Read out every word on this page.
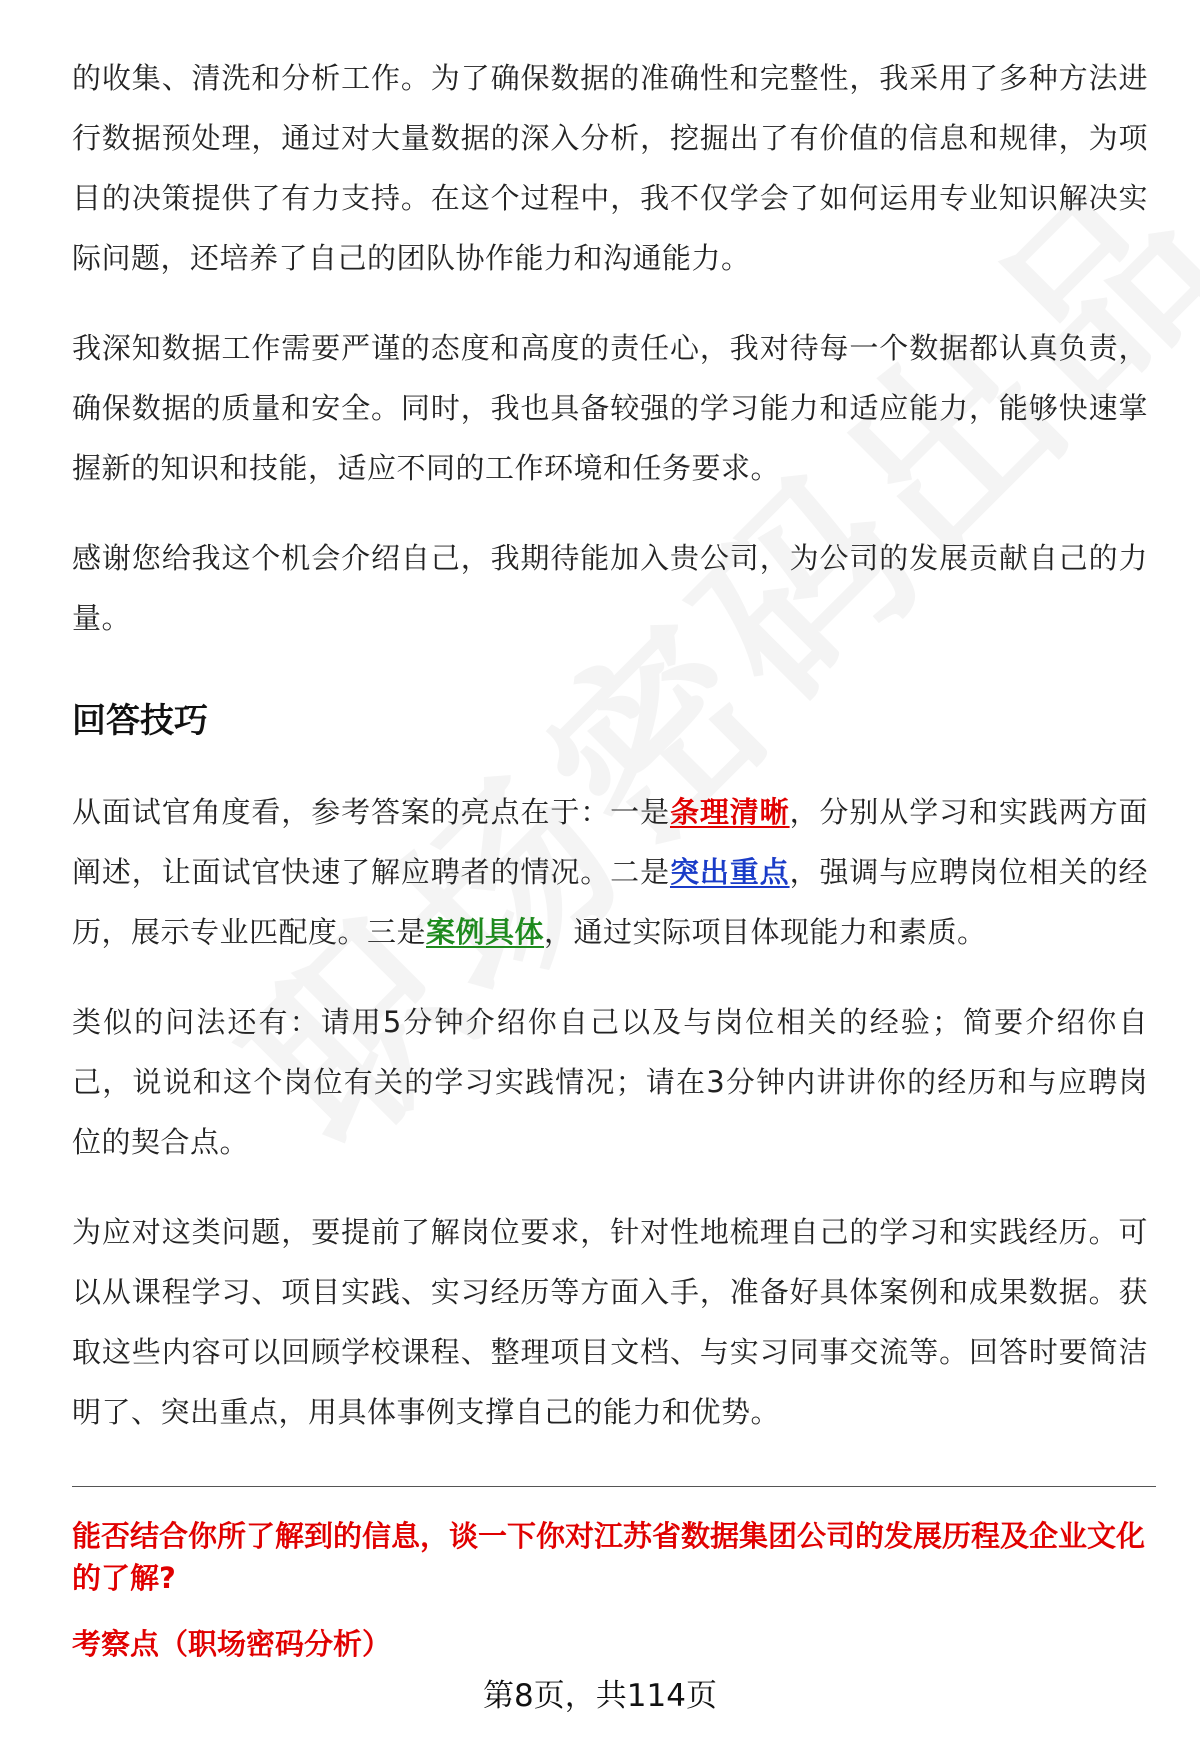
的收集、清洗和分析工作。为了确保数据的准确性和完整性，我采用了多种方法进行数据预处理，通过对大量数据的深入分析，挖掘出了有价值的信息和规律，为项目的决策提供了有力支持。在这个过程中，我不仅学会了如何运用专业知识解决实际问题，还培养了自己的团队协作能力和沟通能力。

我深知数据工作需要严谨的态度和高度的责任心，我对待每一个数据都认真负责，确保数据的质量和安全。同时，我也具备较强的学习能力和适应能力，能够快速掌握新的知识和技能，适应不同的工作环境和任务要求。

感谢您给我这个机会介绍自己，我期待能加入贵公司，为公司的发展贡献自己的力量。

回答技巧

从面试官角度看，参考答案的亮点在于：一是条理清晰，分别从学习和实践两方面阐述，让面试官快速了解应聘者的情况。二是突出重点，强调与应聘岗位相关的经历，展示专业匹配度。三是案例具体，通过实际项目体现能力和素质。

类似的问法还有：请用5分钟介绍你自己以及与岗位相关的经验；简要介绍你自己，说说和这个岗位有关的学习实践情况；请在3分钟内讲讲你的经历和与应聘岗位的契合点。

为应对这类问题，要提前了解岗位要求，针对性地梳理自己的学习和实践经历。可以从课程学习、项目实践、实习经历等方面入手，准备好具体案例和成果数据。获取这些内容可以回顾学校课程、整理项目文档、与实习同事交流等。回答时要简洁明了、突出重点，用具体事例支撑自己的能力和优势。

能否结合你所了解到的信息，谈一下你对江苏省数据集团公司的发展历程及企业文化的了解?
考察点（职场密码分析）
第8页，共114页
